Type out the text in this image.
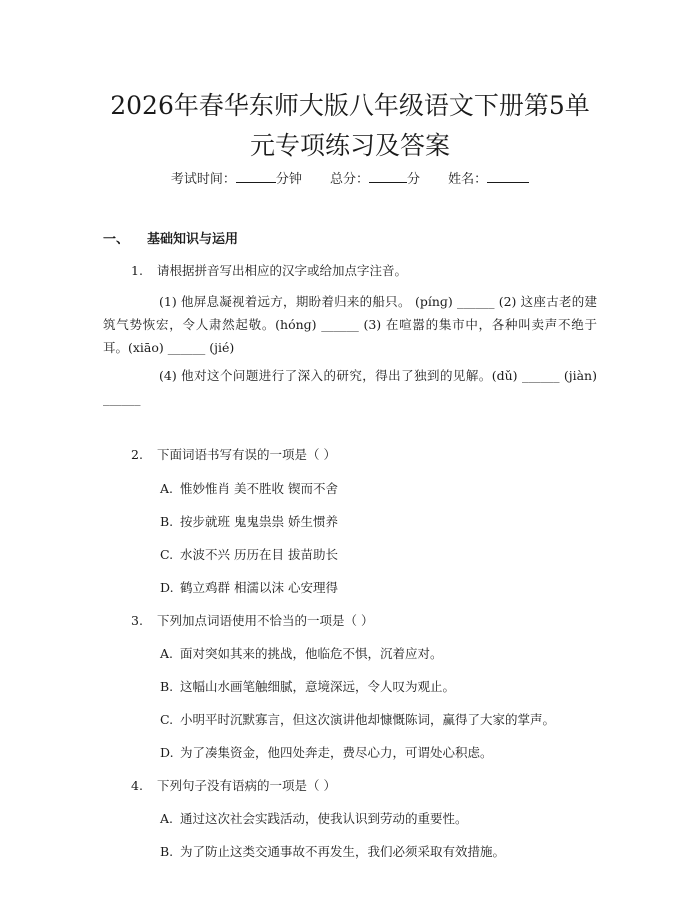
2026年春华东师大版八年级语文下册第5单元专项练习及答案
考试时间：	分钟 总分：	分 姓名：
一、 基础知识与运用
1. 请根据拼音写出相应的汉字或给加点字注音。
(1) 他屏息凝视着远方，期盼着归来的船只。 (pínɡ) ______ (2) 这座古老的建筑气势恢宏，令人肃然起敬。(hónɡ) ______ (3) 在喧嚣的集市中，各种叫卖声不绝于耳。(xiāo) ______ (jié)
(4) 他对这个问题进行了深入的研究，得出了独到的见解。(dǔ) ______ (jiàn) ______
2. 下面词语书写有误的一项是（ ）
A. 惟妙惟肖 美不胜收 锲而不舍
B. 按步就班 鬼鬼祟祟 娇生惯养
C. 水波不兴 历历在目 拔苗助长
D. 鹤立鸡群 相濡以沫 心安理得
3. 下列加点词语使用不恰当的一项是（ ）
A. 面对突如其来的挑战，他临危不惧，沉着应对。
B. 这幅山水画笔触细腻，意境深远，令人叹为观止。
C. 小明平时沉默寡言，但这次演讲他却慷慨陈词，赢得了大家的掌声。
D. 为了凑集资金，他四处奔走，费尽心力，可谓处心积虑。
4. 下列句子没有语病的一项是（ ）
A. 通过这次社会实践活动，使我认识到劳动的重要性。
B. 为了防止这类交通事故不再发生，我们必须采取有效措施。
